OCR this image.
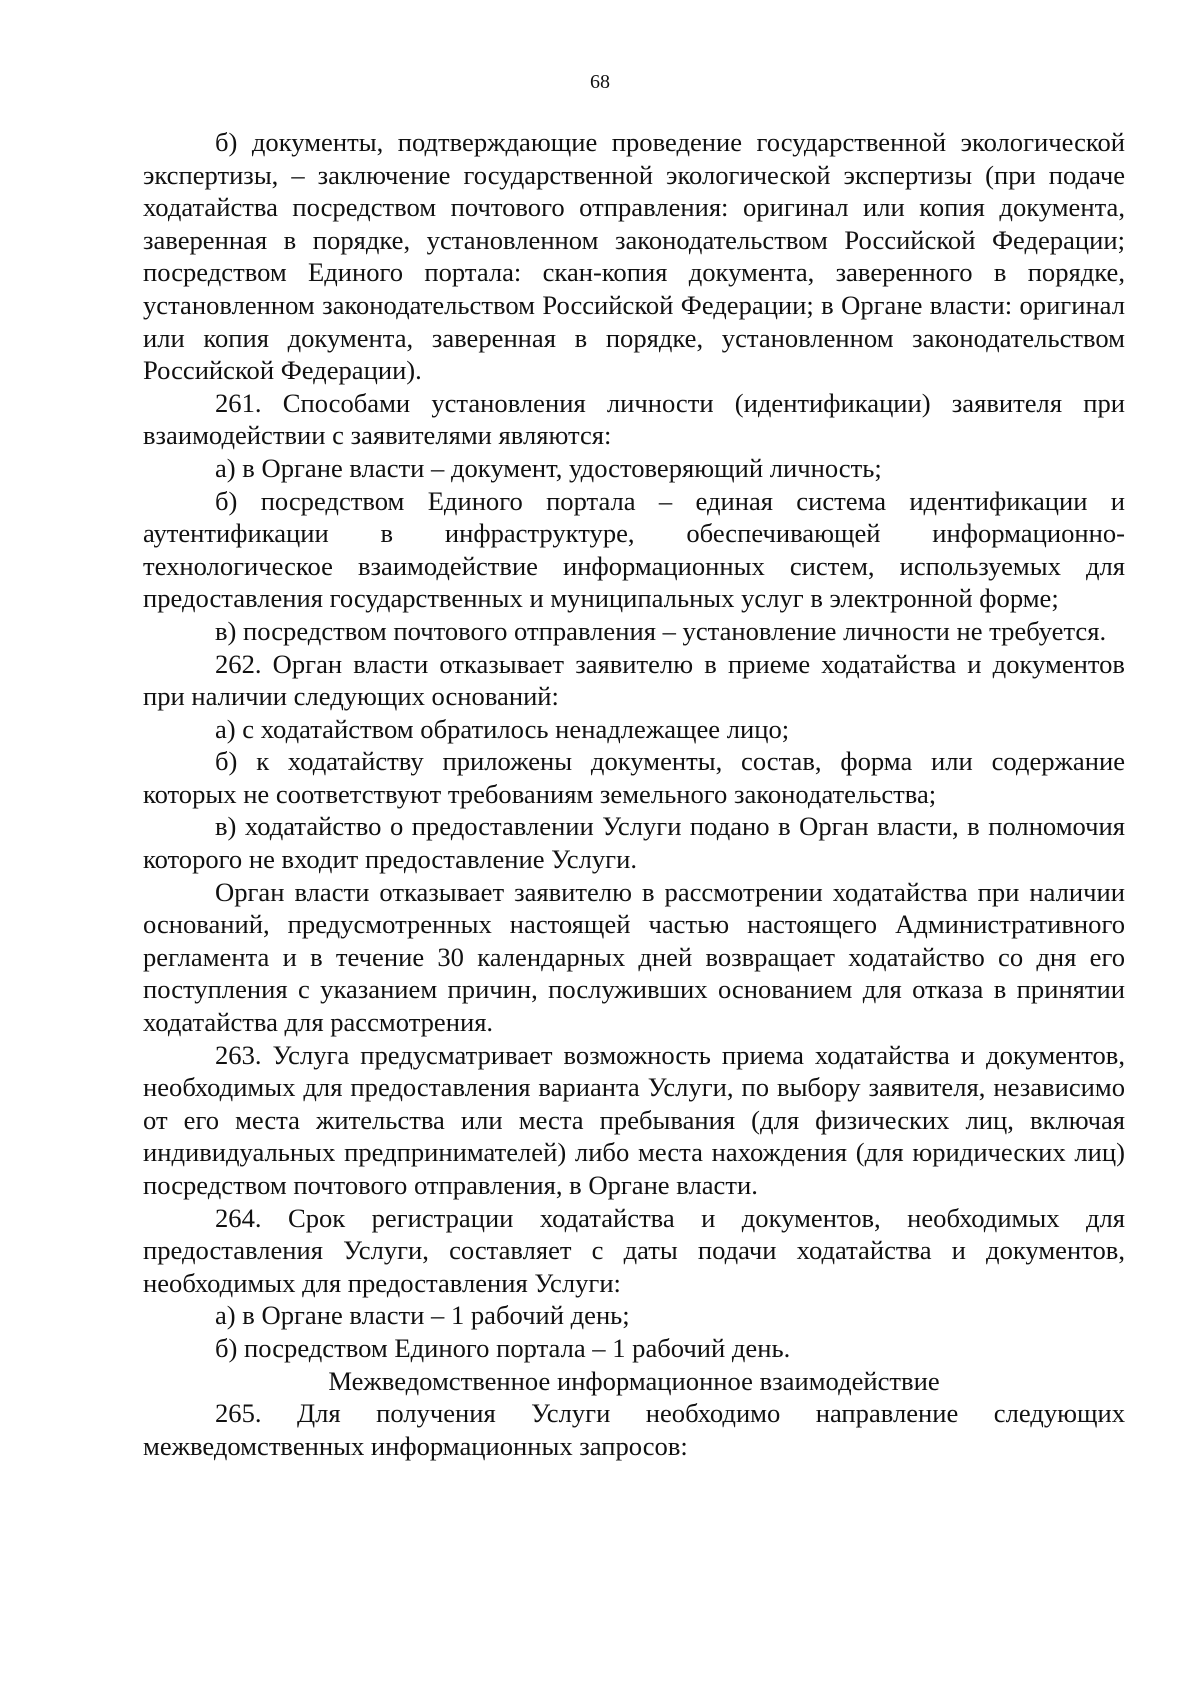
68

б) документы, подтверждающие проведение государственной экологической экспертизы, – заключение государственной экологической экспертизы (при подаче ходатайства посредством почтового отправления: оригинал или копия документа, заверенная в порядке, установленном законодательством Российской Федерации; посредством Единого портала: скан-копия документа, заверенного в порядке, установленном законодательством Российской Федерации; в Органе власти: оригинал или копия документа, заверенная в порядке, установленном законодательством Российской Федерации).

261. Способами установления личности (идентификации) заявителя при взаимодействии с заявителями являются:

а) в Органе власти – документ, удостоверяющий личность;

б) посредством Единого портала – единая система идентификации и аутентификации в инфраструктуре, обеспечивающей информационно-технологическое взаимодействие информационных систем, используемых для предоставления государственных и муниципальных услуг в электронной форме;

в) посредством почтового отправления – установление личности не требуется.

262. Орган власти отказывает заявителю в приеме ходатайства и документов при наличии следующих оснований:

а) с ходатайством обратилось ненадлежащее лицо;

б) к ходатайству приложены документы, состав, форма или содержание которых не соответствуют требованиям земельного законодательства;

в) ходатайство о предоставлении Услуги подано в Орган власти, в полномочия которого не входит предоставление Услуги.

Орган власти отказывает заявителю в рассмотрении ходатайства при наличии оснований, предусмотренных настоящей частью настоящего Административного регламента и в течение 30 календарных дней возвращает ходатайство со дня его поступления с указанием причин, послуживших основанием для отказа в принятии ходатайства для рассмотрения.

263. Услуга предусматривает возможность приема ходатайства и документов, необходимых для предоставления варианта Услуги, по выбору заявителя, независимо от его места жительства или места пребывания (для физических лиц, включая индивидуальных предпринимателей) либо места нахождения (для юридических лиц) посредством почтового отправления, в Органе власти.

264. Срок регистрации ходатайства и документов, необходимых для предоставления Услуги, составляет с даты подачи ходатайства и документов, необходимых для предоставления Услуги:

а) в Органе власти – 1 рабочий день;

б) посредством Единого портала – 1 рабочий день.

Межведомственное информационное взаимодействие

265. Для получения Услуги необходимо направление следующих межведомственных информационных запросов:
